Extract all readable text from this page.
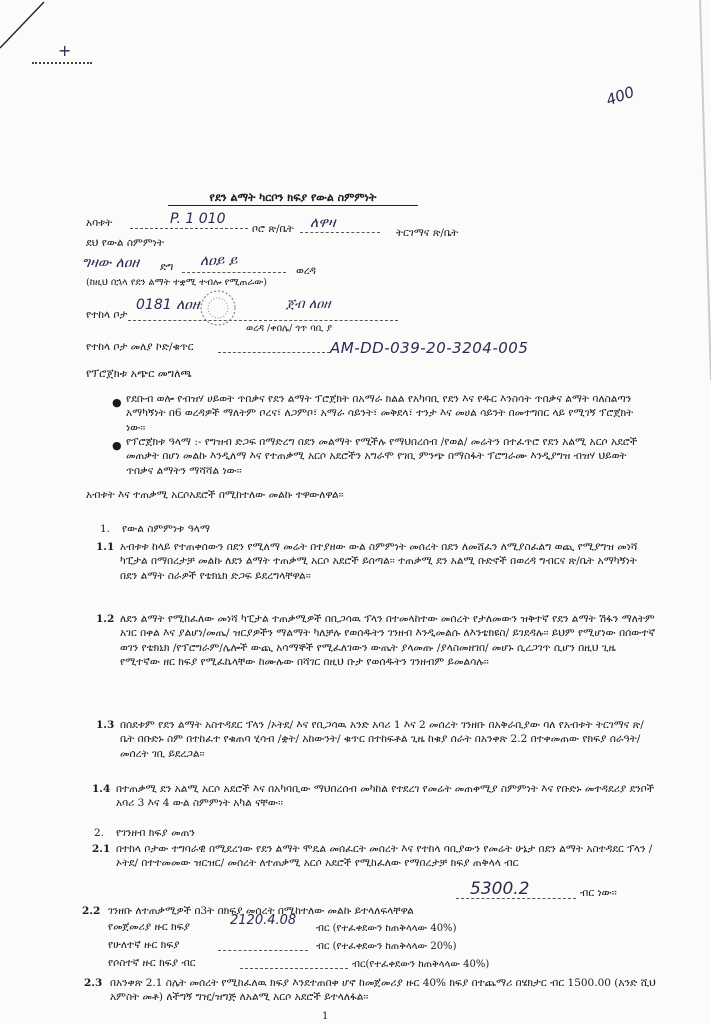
+
400
የደን ልማት ካርቦን ክፍያ የውል ስምምነት
አባቱት	P. 1 010
ቦሮ ጽ/ቤት ለዋዛ
ትርገማና ጽ/ቤት
ደህ የውል ስምምነት
ግዛው ለዐዘ ድግ ለዐይ ይ
ወረዳ
(ከዚህ በኋላ የደን ልማት ተቋሚ ተብሎ የሚጠራው)
የተከላ ቦታ
0181 ለዐዘ	ጀብ ለዐዘ
ወረዳ /ቀበሌ/ ጎጥ ባቢ ያ
የተከላ ቦታ መለያ ኮድ/ቁጥር	AM-DD-039-20-3204-005
የፕሮጀክቱ አጭር መግለጫ
● የደቡብ ወሎ የብዝሃ ሀይወት ጥበቃና የደን ልማት ፕሮጀክት በአማራ ክልል የአካባቢ የደን እና የዱር እንስሳት ጥበቃና ልማት ባለስልጣን አማካኝነት በ6 ወረዳዎች ማለትም ቦረና፣ ለጋምቦ፣ አማራ ሳይንት፣ መቅደላ፣ ተንታ እና መሀል ሳይንት በመተግበር ላይ የሚገኝ ፕሮጀክት ነው፡፡
● የፕሮጀክቱ ዓላማ :- የግዝብ ድጋፍ በማድረግ በደን መልማት የሚችሉ የማህበረሰብ /የወል/ መሬትን በተፈጥሮ የደን አልሚ አርሶ አደሮች መጠቃት በሆነ መልኩ እንዲለማ እና የተጠቃሚ አርሶ አደሮችን አግራሞ የገቢ ምንጭ በማስፋት ፕሮግራሙ እንዲያግዝ ብዝሃ ህይወት ጥበቃና ልማትን ማሻሻል ነው፡፡
አብቱት እና ተጠቃሚ አርሶአደሮች በሚከተለው መልኩ ተዋውለዋል፡፡
1. የውል ስምምነቱ ዓላማ
1.1 አብቱቱ ከላይ የተጠቀሰውን በደን የሚለማ መሬት በተያዘው ውል ስምምነት መሰረት በደን ለመሸፈን ለሚያስፈልግ ወጪ የሚያግዝ መነሻ ካፒታል በማበረታቻ መልኩ ለደን ልማት ተጠቃሚ አርሶ አደሮች ይሰጣል፡፡ ተጠቃሚ ደን አልሚ ቡድኖች በወረዳ ግብርና ጽ/ቤት አማካኝነት በደን ልማት ስራዎች የቴክኒክ ድጋፍ ይደረግላቸዋል፡፡
1.2 ለደን ልማት የሚከፈለው መነሻ ካፒታል ተጠቃሚዎች በቢጋሳዉ ፕላን በተመላከተው መሰረት የታለመውን ዝቅተኛ የደን ልማት ሽፋን ማለትም አገር በቀል እና ያልሆነ/መጤ/ ዝርያዎችን ማልማት ካለቻሉ የወሰዱትን ገንዘብ እንዲመልሱ ለእንቴክዩስ/ ይገደዳሉ፡፡ ይህም የሚሆነው በሰውተኛ ወገን የቴክኒክ /የፕሮግራም/ሌሎች ውጪ አሳማኞች የሚፈለገውን ውጤት ያላመጡ /ያላስመዘገበ/ መሆኑ ሲረጋገጥ ሲሆን በዚህ ጊዜ የሚተኛው ዘር ክፍያ የሚፈኬላቸው ከሙሉው በሻገር በዚህ ቡታ የወሰዱትን ገንዘብም ይመልሳሉ፡፡
1.3 በሰደቱም የደን ልማት አስተዳደር ፕላን /ኦትደ/ እና የቢጋሳዉ አንድ አባሪ 1 እና 2 መሰረት ገንዘቡ በአቅራቢያው ባለ የአብቱት ትርገማና ጽ/ቤት በቡድኑ ስም በተከፈተ የቁጠባ ሂሳብ /ቋት/ አከውንት/ ቁጥር በተከፍቶል ጊዜ ከቁያ ሰራት በአንቀጽ 2.2 በተቀመጠው የክፍያ ሰራዓት/ መሰረት ገቢ ይደረጋል፡፡
1.4 በተጠቃሚ ደን አልሚ አርሶ አደሮች እና በአካባቢው ማህበረሰብ መካከል የተደረገ የመሬት መጠቀሚያ ስምምነት እና የቡድኑ መተዳደሪያ ደንቦች አባሪ 3 እና 4 ውል ስምምነት አካል ናቸው፡፡
2. የገንዘብ ክፍያ መጠን
2.1 በተከላ ቦታው ተግባራዊ በሚደረገው የደን ልማት ሞዴል መሰፈርት መሰረት እና የተከላ ባቢያውን የመሬት ሁኔታ በደን ልማት አስተዳደር ፕላን /ኦትደ/ በተተመመው ዝርዝር/ መሰረት ለተጠቃሚ አርሶ አደሮች የሚከፈለው የማበረታቻ ክፍያ ጠቅላላ ብር
5300.2	ብር ነው፡፡
2.2 ገንዘቡ ለተጠቃሚዎች በ3ት በክፍያ መሰረት በሚከተለው መልኩ ይተላለፍላቸዋል
የመጀመሪያ ዙር ክፍያ	2120.4.08
ብር (የተፈቀደውን ከጠቅላላው 40%)
የሁለተኛ ዙር ክፍያ	ብር (የተፈቀደውን ከጠቅላላው 20%)
የሶስተኛ ዙር ክፍያ ብር	ብር(የተፈቀደውን ከጠቅላላው 40%)
2.3 በአንቀጽ 2.1 ስሌት መሰረት የሚከፈለዉ ክፍያ እንደተጠበቀ ሆኖ ከመጀመሪያ ዙር 40% ክፍያ በተጨማሪ በሄክታር ብር 1500.00 (አንድ ሺህ አምስት መቶ) ለችግኝ ግዢ/ዝግጅ ለአልሚ አርሶ አደሮች ይተላለፋል፡፡
1
